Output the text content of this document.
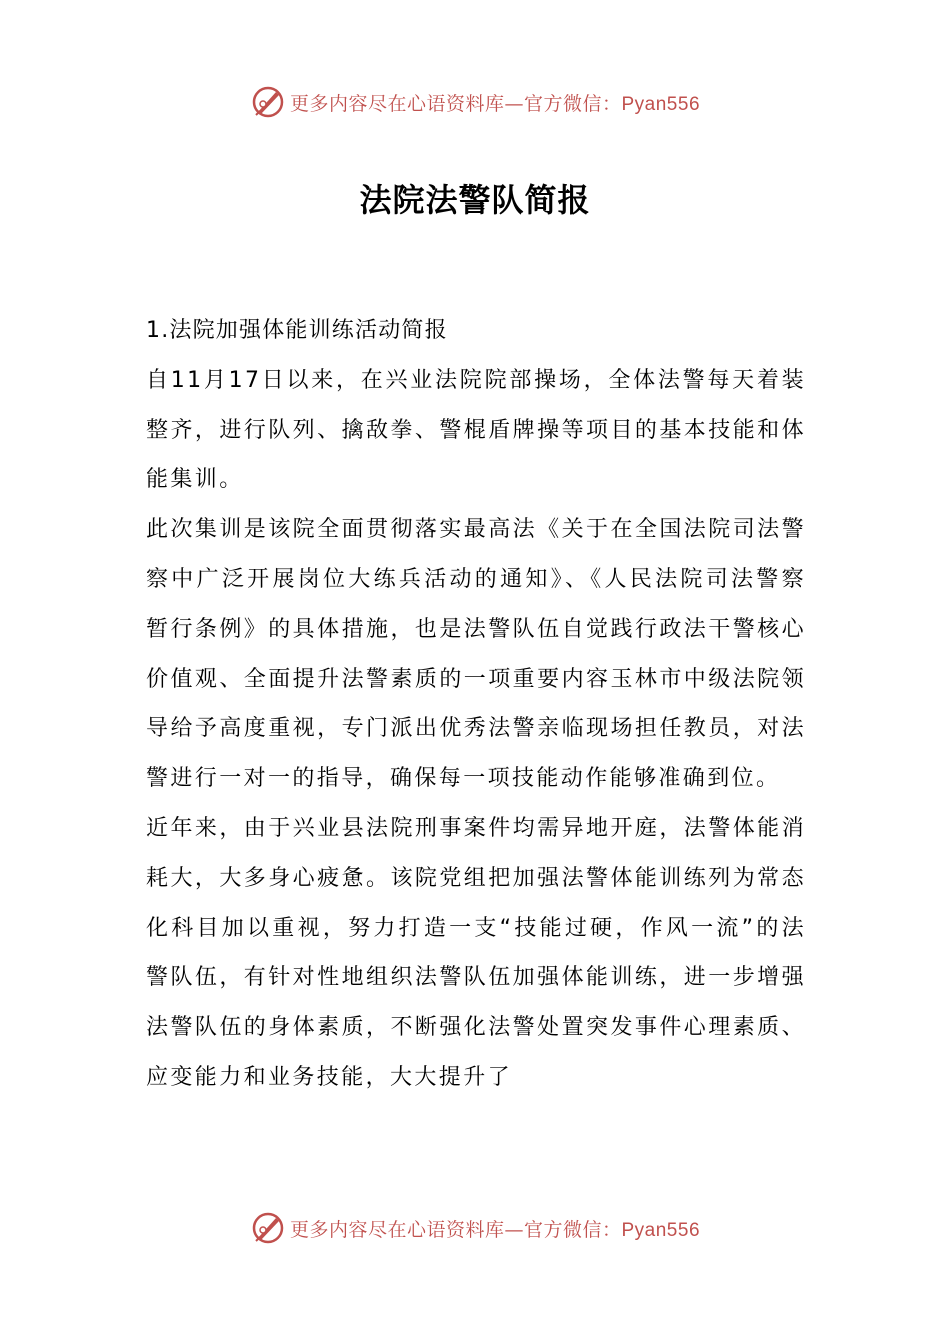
更多内容尽在心语资料库—官方微信：Pyan556
法院法警队简报

1.法院加强体能训练活动简报

自11月17日以来，在兴业法院院部操场，全体法警每天着装整齐，进行队列、擒敌拳、警棍盾牌操等项目的基本技能和体能集训。

此次集训是该院全面贯彻落实最高法《关于在全国法院司法警察中广泛开展岗位大练兵活动的通知》、《人民法院司法警察暂行条例》的具体措施，也是法警队伍自觉践行政法干警核心价值观、全面提升法警素质的一项重要内容玉林市中级法院领导给予高度重视，专门派出优秀法警亲临现场担任教员，对法警进行一对一的指导，确保每一项技能动作能够准确到位。

近年来，由于兴业县法院刑事案件均需异地开庭，法警体能消耗大，大多身心疲惫。该院党组把加强法警体能训练列为常态化科目加以重视，努力打造一支“技能过硬，作风一流”的法警队伍，有针对性地组织法警队伍加强体能训练，进一步增强法警队伍的身体素质，不断强化法警处置突发事件心理素质、应变能力和业务技能，大大提升了

更多内容尽在心语资料库—官方微信：Pyan556
